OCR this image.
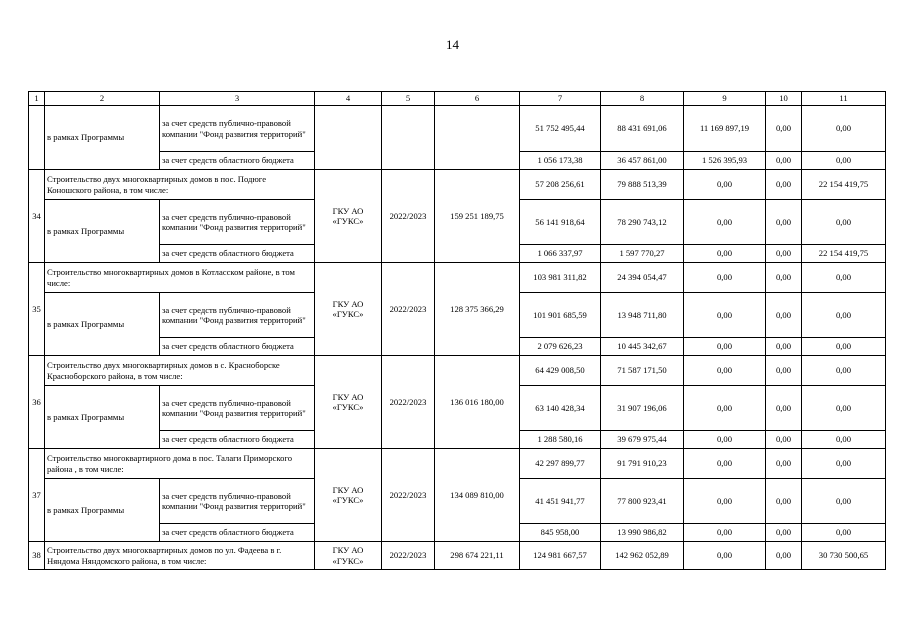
14
1	2	3	4	5	6	7	8	9	10	11
	в рамках Программы	за счет средств публично-правовой компании "Фонд развития территорий"				51 752 495,44	88 431 691,06	11 169 897,19	0,00	0,00
		за счет средств областного бюджета				1 056 173,38	36 457 861,00	1 526 395,93	0,00	0,00
34	Строительство двух многоквартирных домов в пос. Подюге Коношского района, в том числе:		ГКУ АО «ГУКС»	2022/2023	159 251 189,75	57 208 256,61	79 888 513,39	0,00	0,00	22 154 419,75
	в рамках Программы	за счет средств публично-правовой компании "Фонд развития территорий"				56 141 918,64	78 290 743,12	0,00	0,00	0,00
		за счет средств областного бюджета				1 066 337,97	1 597 770,27	0,00	0,00	22 154 419,75
35	Строительство многоквартирных домов в Котласском районе, в том числе:		ГКУ АО «ГУКС»	2022/2023	128 375 366,29	103 981 311,82	24 394 054,47	0,00	0,00	0,00
	в рамках Программы	за счет средств публично-правовой компании "Фонд развития территорий"				101 901 685,59	13 948 711,80	0,00	0,00	0,00
		за счет средств областного бюджета				2 079 626,23	10 445 342,67	0,00	0,00	0,00
36	Строительство двух многоквартирных домов в с. Красноборске Красноборского района, в том числе:		ГКУ АО «ГУКС»	2022/2023	136 016 180,00	64 429 008,50	71 587 171,50	0,00	0,00	0,00
	в рамках Программы	за счет средств публично-правовой компании "Фонд развития территорий"				63 140 428,34	31 907 196,06	0,00	0,00	0,00
		за счет средств областного бюджета				1 288 580,16	39 679 975,44	0,00	0,00	0,00
37	Строительство многоквартирного дома в пос. Талаги Приморского района , в том числе:		ГКУ АО «ГУКС»	2022/2023	134 089 810,00	42 297 899,77	91 791 910,23	0,00	0,00	0,00
	в рамках Программы	за счет средств публично-правовой компании "Фонд развития территорий"				41 451 941,77	77 800 923,41	0,00	0,00	0,00
		за счет средств областного бюджета				845 958,00	13 990 986,82	0,00	0,00	0,00
38	Строительство двух многоквартирных домов по ул. Фадеева в г. Няндома Няндомского района, в том числе:		ГКУ АО «ГУКС»	2022/2023	298 674 221,11	124 981 667,57	142 962 052,89	0,00	0,00	30 730 500,65
